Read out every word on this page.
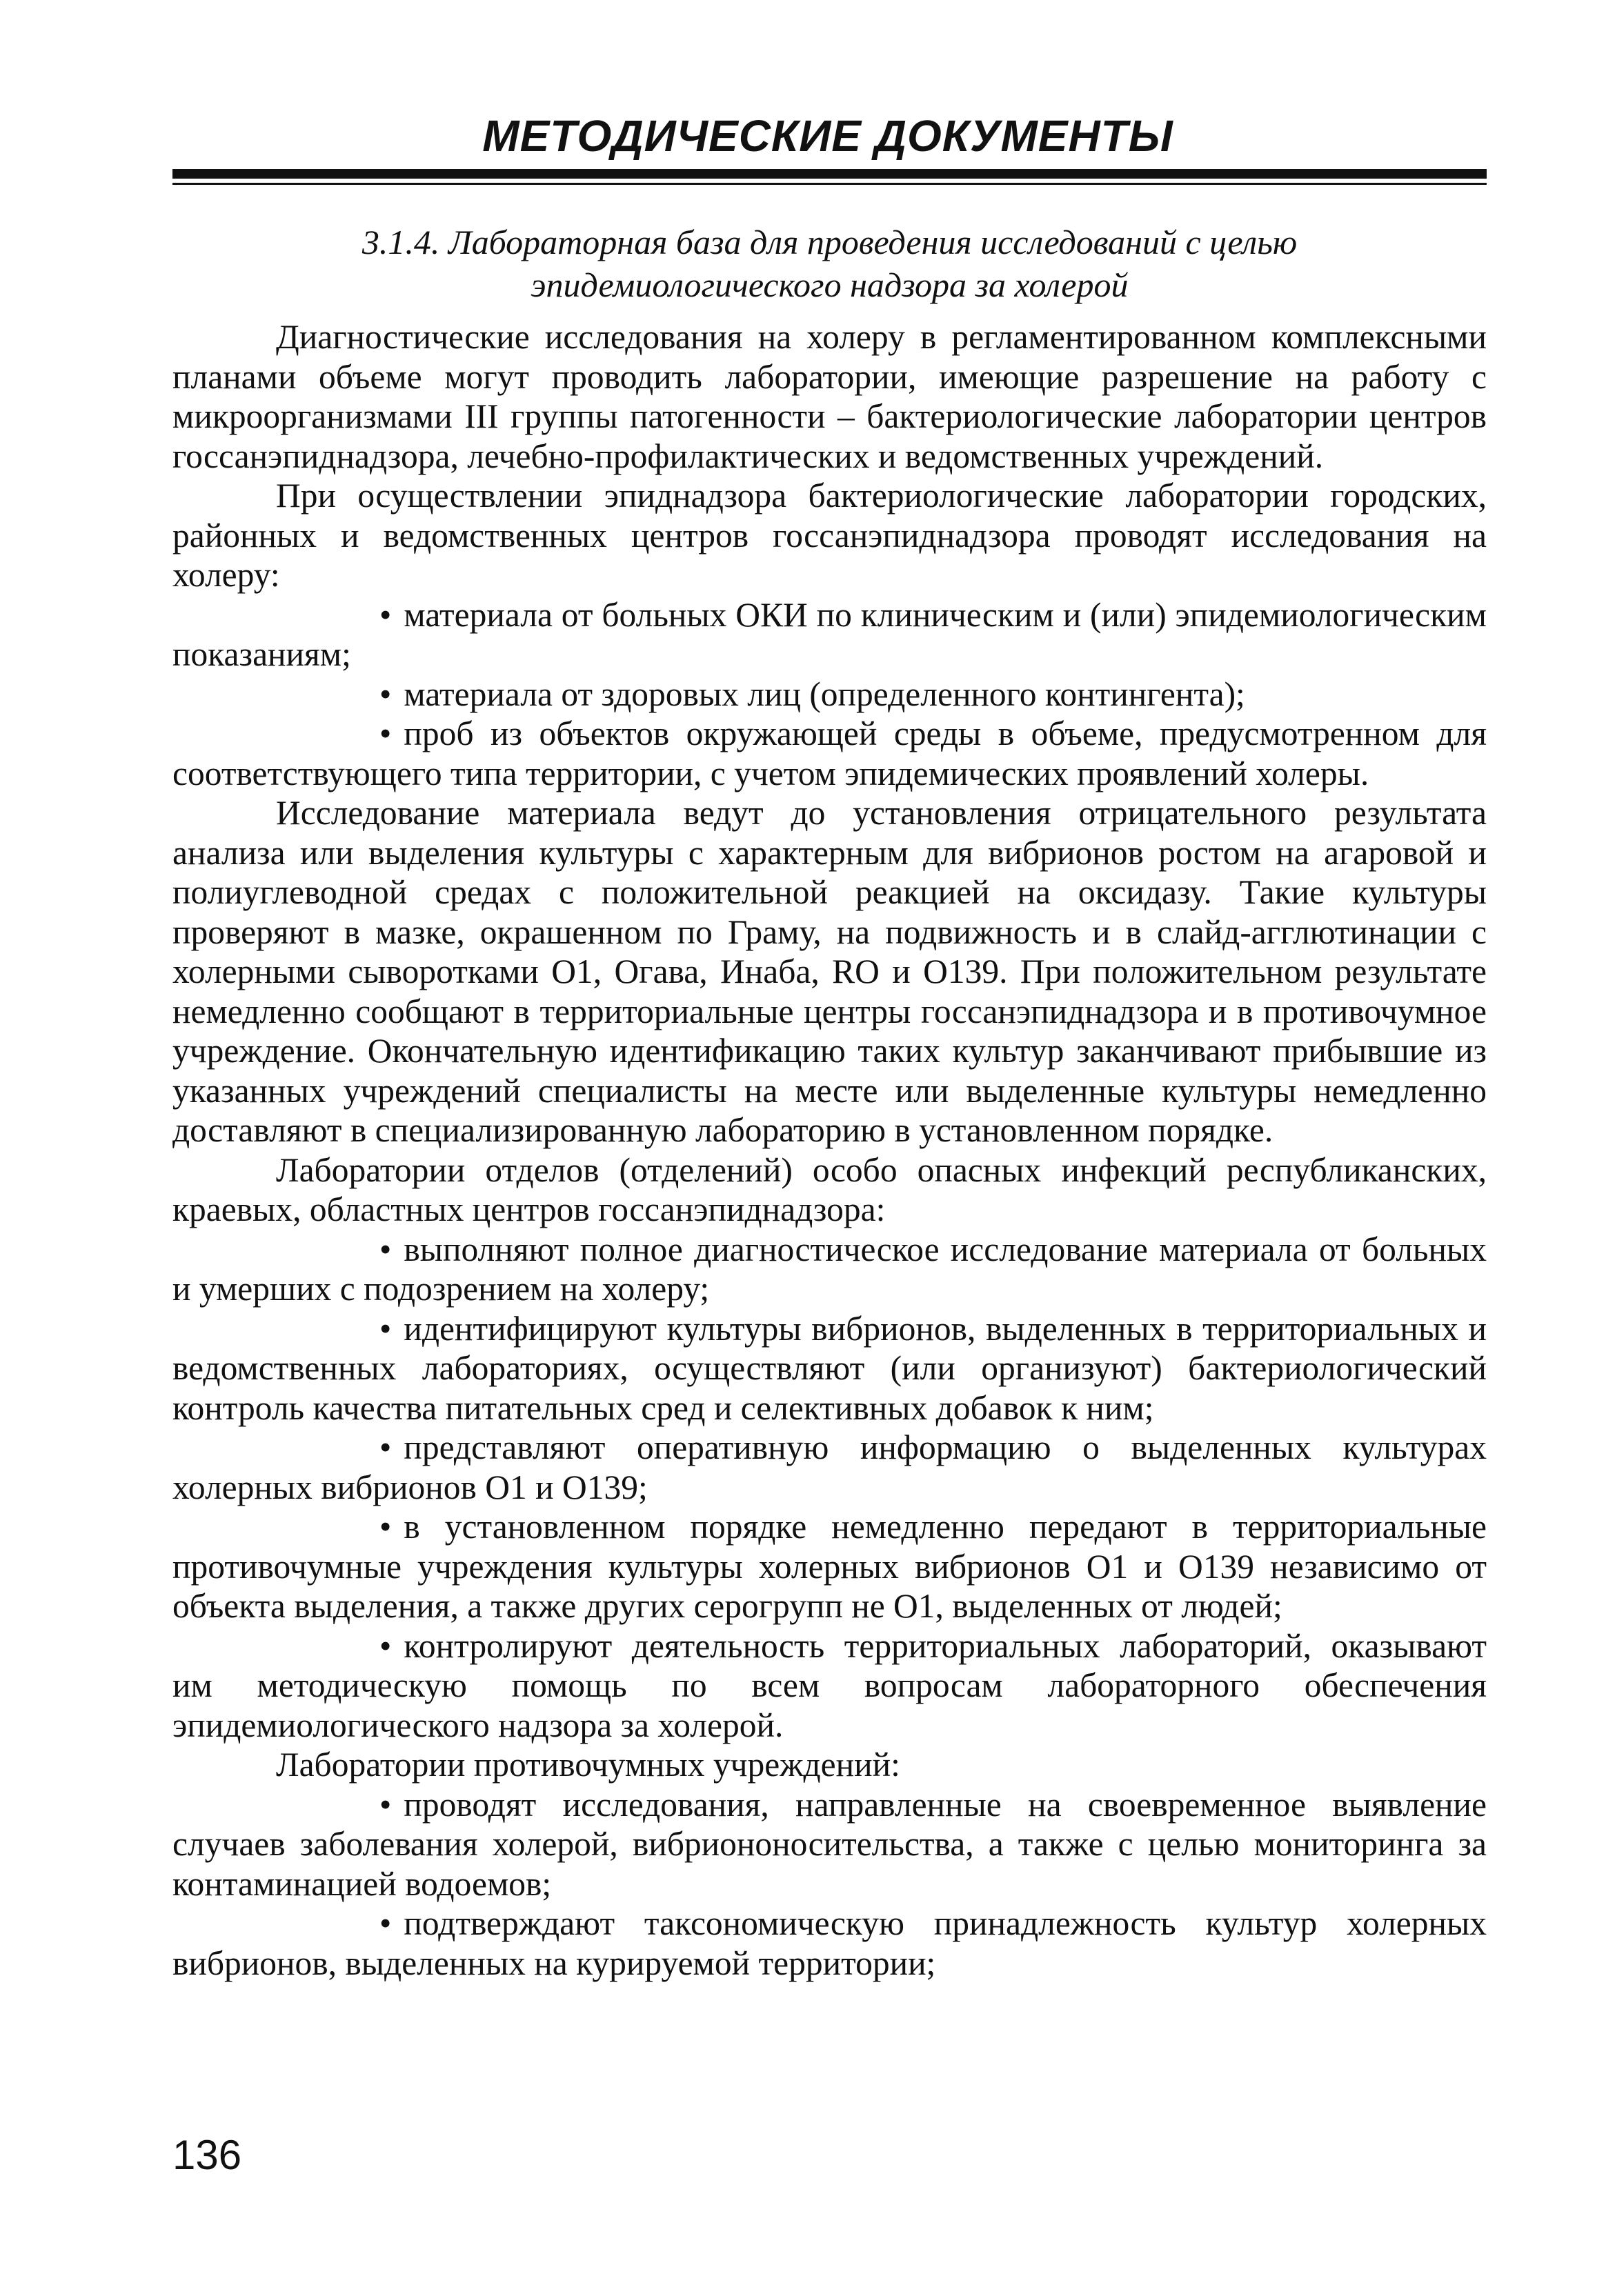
МЕТОДИЧЕСКИЕ ДОКУМЕНТЫ
3.1.4. Лабораторная база для проведения исследований с целью
эпидемиологического надзора за холерой

Диагностические исследования на холеру в регламентированном комплексными планами объеме могут проводить лаборатории, имеющие разрешение на работу с микроорганизмами III группы патогенности – бактериологические лаборатории центров госсанэпиднадзора, лечебно-профилактических и ведомственных учреждений.

При осуществлении эпиднадзора бактериологические лаборатории городских, районных и ведомственных центров госсанэпиднадзора проводят исследования на холеру:

• материала от больных ОКИ по клиническим и (или) эпидемиологическим показаниям;

• материала от здоровых лиц (определенного контингента);

• проб из объектов окружающей среды в объеме, предусмотренном для соответствующего типа территории, с учетом эпидемических проявлений холеры.

Исследование материала ведут до установления отрицательного результата анализа или выделения культуры с характерным для вибрионов ростом на агаровой и полиуглеводной средах с положительной реакцией на оксидазу. Такие культуры проверяют в мазке, окрашенном по Граму, на подвижность и в слайд-агглютинации с холерными сыворотками О1, Огава, Инаба, RO и О139. При положительном результате немедленно сообщают в территориальные центры госсанэпиднадзора и в противочумное учреждение. Окончательную идентификацию таких культур заканчивают прибывшие из указанных учреждений специалисты на месте или выделенные культуры немедленно доставляют в специализированную лабораторию в установленном порядке.

Лаборатории отделов (отделений) особо опасных инфекций республиканских, краевых, областных центров госсанэпиднадзора:

• выполняют полное диагностическое исследование материала от больных и умерших с подозрением на холеру;

• идентифицируют культуры вибрионов, выделенных в территориальных и ведомственных лабораториях, осуществляют (или организуют) бактериологический контроль качества питательных сред и селективных добавок к ним;

• представляют оперативную информацию о выделенных культурах холерных вибрионов О1 и О139;

• в установленном порядке немедленно передают в территориальные противочумные учреждения культуры холерных вибрионов О1 и О139 независимо от объекта выделения, а также других серогрупп не О1, выделенных от людей;

• контролируют деятельность территориальных лабораторий, оказывают им методическую помощь по всем вопросам лабораторного обеспечения эпидемиологического надзора за холерой.

Лаборатории противочумных учреждений:

• проводят исследования, направленные на своевременное выявление случаев заболевания холерой, вибриононосительства, а также с целью мониторинга за контаминацией водоемов;

• подтверждают таксономическую принадлежность культур холерных вибрионов, выделенных на курируемой территории;

136
